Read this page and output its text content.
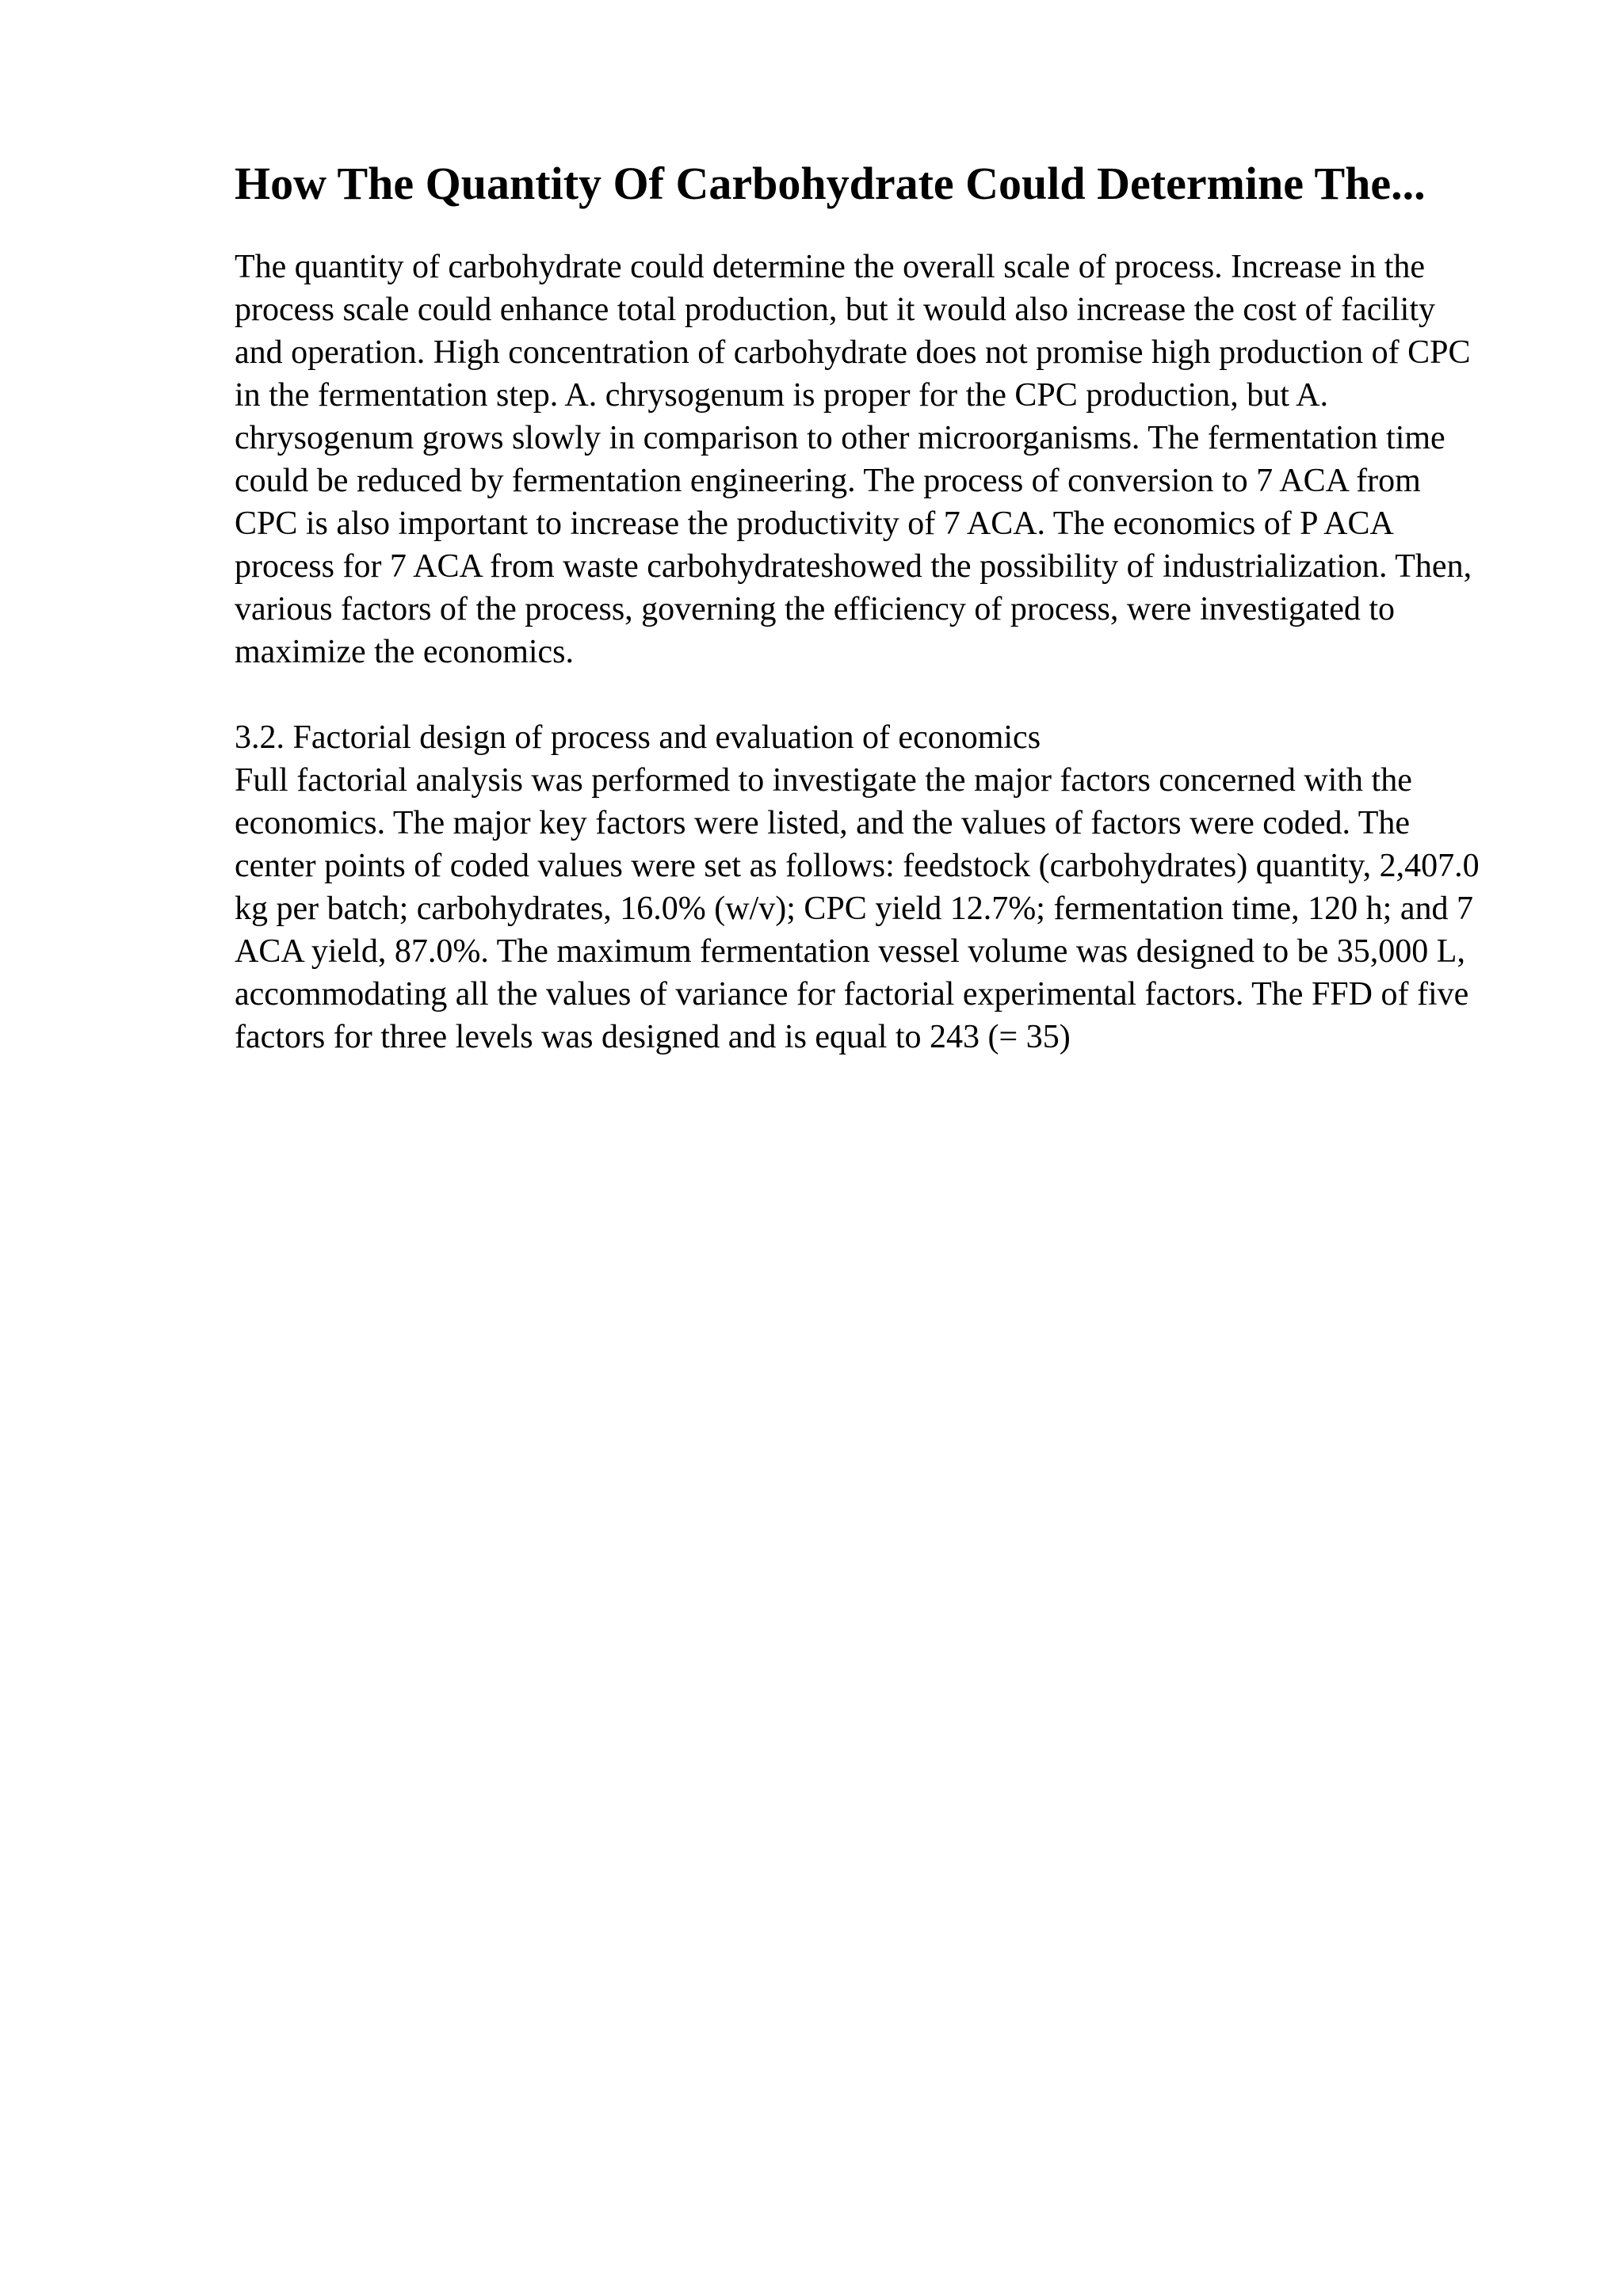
How The Quantity Of Carbohydrate Could Determine The...

The quantity of carbohydrate could determine the overall scale of process. Increase in the process scale could enhance total production, but it would also increase the cost of facility and operation. High concentration of carbohydrate does not promise high production of CPC in the fermentation step. A. chrysogenum is proper for the CPC production, but A. chrysogenum grows slowly in comparison to other microorganisms. The fermentation time could be reduced by fermentation engineering. The process of conversion to 7 ACA from CPC is also important to increase the productivity of 7 ACA. The economics of P ACA process for 7 ACA from waste carbohydrateshowed the possibility of industrialization. Then, various factors of the process, governing the efficiency of process, were investigated to maximize the economics.

3.2. Factorial design of process and evaluation of economics

Full factorial analysis was performed to investigate the major factors concerned with the economics. The major key factors were listed, and the values of factors were coded. The center points of coded values were set as follows: feedstock (carbohydrates) quantity, 2,407.0 kg per batch; carbohydrates, 16.0% (w/v); CPC yield 12.7%; fermentation time, 120 h; and 7 ACA yield, 87.0%. The maximum fermentation vessel volume was designed to be 35,000 L, accommodating all the values of variance for factorial experimental factors. The FFD of five factors for three levels was designed and is equal to 243 (= 35)
